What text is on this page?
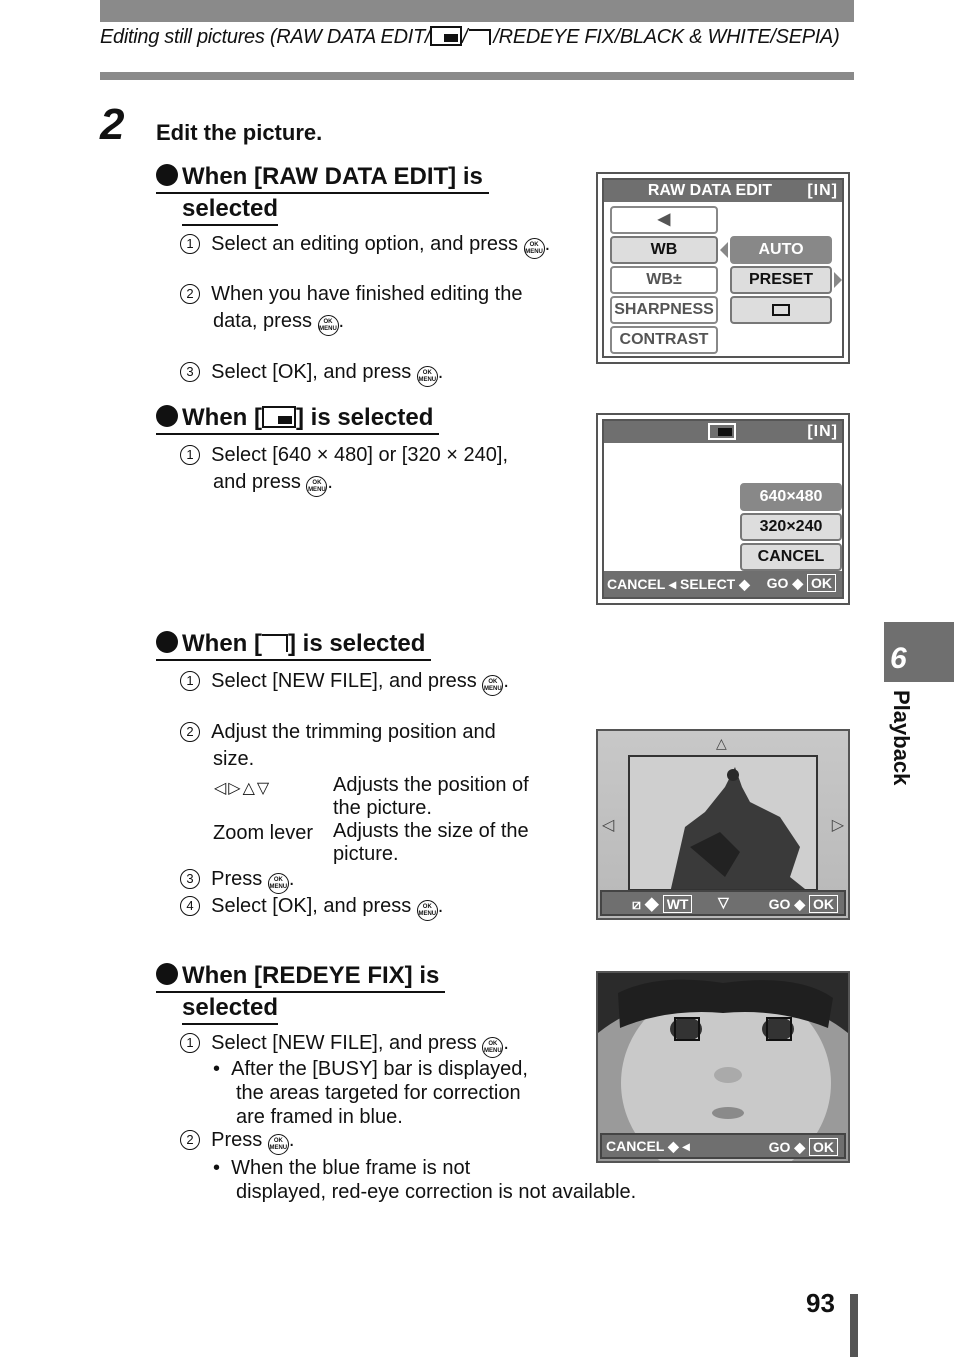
Editing still pictures (RAW DATA EDIT/ / /REDEYE FIX/BLACK & WHITE/SEPIA)
2 Edit the picture.
When [RAW DATA EDIT] is
selected
1 Select an editing option, and press OK
MENU.
2 When you have finished editing the
data, press OK
MENU.
3 Select [OK], and press OK
MENU.
RAW DATA EDIT [IN]
◀
WB
WB±
SHARPNESS
CONTRAST
AUTO
PRESET
When [ ] is selected
1 Select [640 × 480] or [320 × 240],
and press OK
MENU.
[IN]
640×480
320×240
CANCEL
CANCEL ◂ SELECT ◆ GO ◆ OK
When [ ] is selected
1 Select [NEW FILE], and press OK
MENU.
2 Adjust the trimming position and
size.
◁▷△▽	Adjusts the position of
the picture.
Zoom lever Adjusts the size of the
picture.
3 Press OK
MENU.
4 Select [OK], and press OK
MENU.
△
◁	▷
⧄ ◆ WT ▽	GO ◆ OK
When [REDEYE FIX] is
selected
1 Select [NEW FILE], and press OK
MENU.
•  After the [BUSY] bar is displayed,
the areas targeted for correction
are framed in blue.
2 Press OK
MENU.
•  When the blue frame is not
displayed, red-eye correction is not available.
CANCEL ◆ ◂	GO ◆ OK
6
Playback
93
